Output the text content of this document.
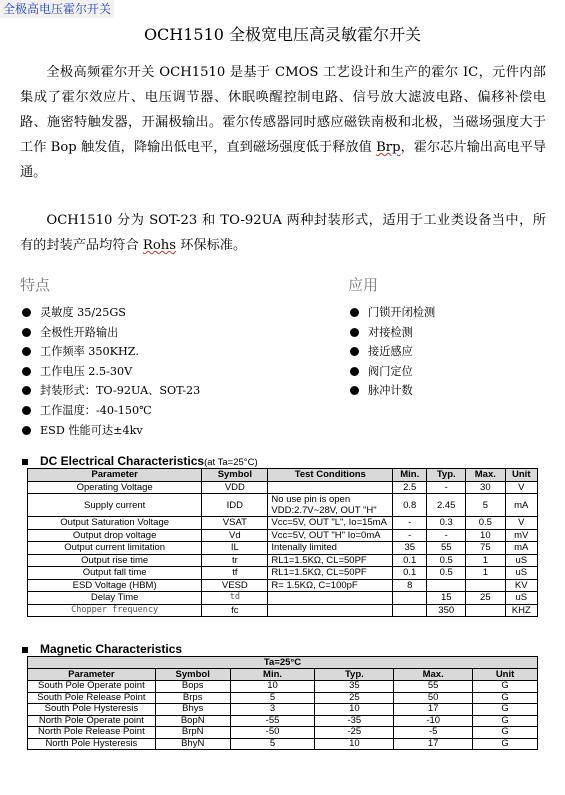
全极高电压霍尔开关
OCH1510 全极宽电压高灵敏霍尔开关

全极高频霍尔开关 OCH1510 是基于 CMOS 工艺设计和生产的霍尔 IC，元件内部集成了霍尔效应片、电压调节器、休眠唤醒控制电路、信号放大滤波电路、偏移补偿电路、施密特触发器，开漏极输出。霍尔传感器同时感应磁铁南极和北极，当磁场强度大于工作 Bop 触发值，降输出低电平，直到磁场强度低于释放值 Brp，霍尔芯片输出高电平导通。

OCH1510 分为 SOT-23 和 TO-92UA 两种封装形式，适用于工业类设备当中，所有的封装产品均符合 Rohs 环保标准。

特点	应用
灵敏度 35/25GS
全极性开路输出
工作频率 350KHZ.
工作电压 2.5-30V
封装形式：TO-92UA、SOT-23
工作温度：-40-150℃
ESD 性能可达±4kv
门锁开闭检测
对接检测
接近感应
阀门定位
脉冲计数
DC Electrical Characteristics(at Ta=25°C)
Parameter	Symbol	Test Conditions	Min.	Typ.	Max.	Unit
Operating Voltage	VDD		2.5	-	30	V
Supply current	IDD	No use pin is open
VDD:2.7V~28V, OUT "H"	0.8	2.45	5	mA
Output Saturation Voltage	VSAT	Vcc=5V, OUT "L", Io=15mA	-	0.3	0.5	V
Output drop voltage	Vd	Vcc=5V, OUT "H" Io=0mA	-	-	10	mV
Output current limitation	IL	Intenally limited	35	55	75	mA
Output rise time	tr	RL1=1.5KΩ, CL=50PF	0.1	0.5	1	uS
Output fall time	tf	RL1=1.5KΩ, CL=50PF	0.1	0.5	1	uS
ESD Voltage (HBM)	VESD	R= 1.5KΩ, C=100pF	8			KV
Delay Time	td			15	25	uS
Chopper frequency	fc			350		KHZ
Magnetic Characteristics
Ta=25°C					
Parameter	Symbol	Min.	Typ.	Max.	Unit
South Pole Operate point	Bops	10	35	55	G
South Pole Release Point	Brps	5	25	50	G
South Pole Hysteresis	Bhys	3	10	17	G
North Pole Operate point	BopN	-55	-35	-10	G
North Pole Release Point	BrpN	-50	-25	-5	G
North Pole Hysteresis	BhyN	5	10	17	G
